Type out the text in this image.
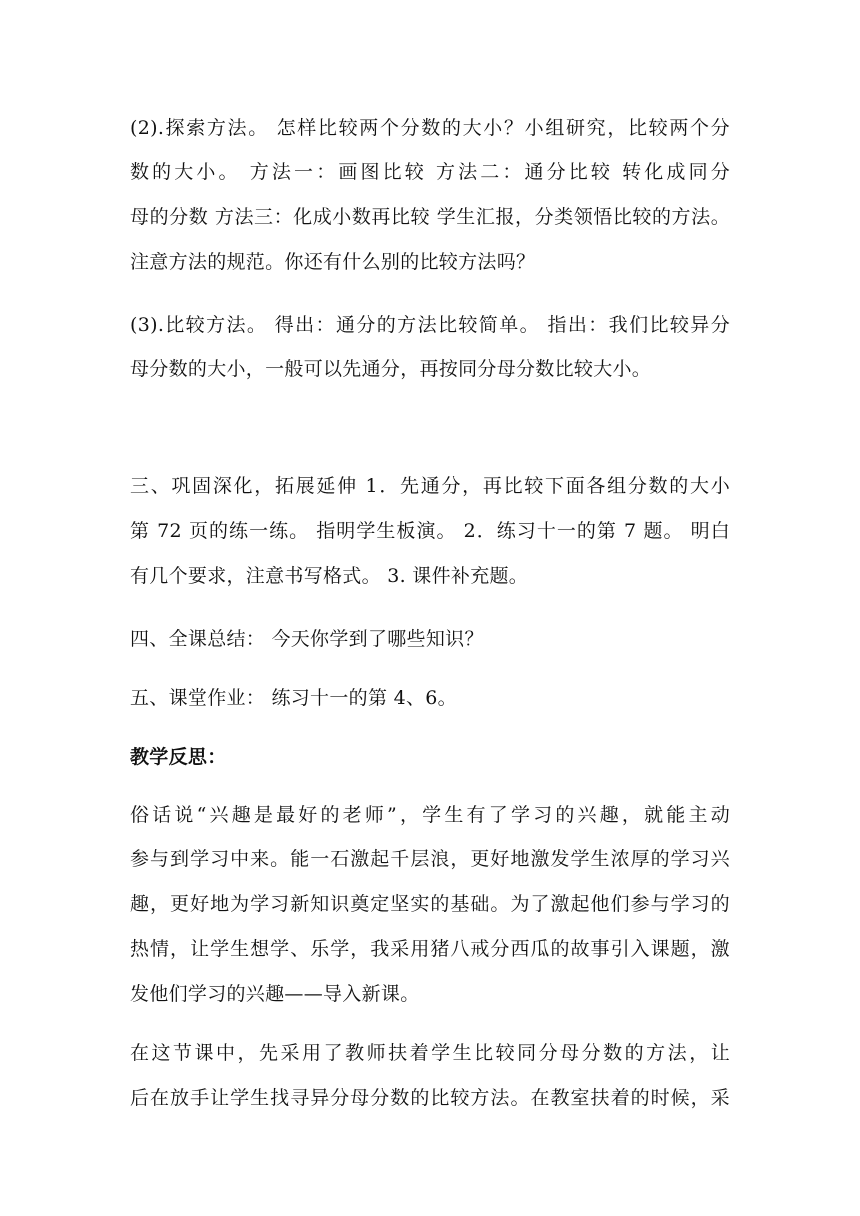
(2).探索方法。 怎样比较两个分数的大小？小组研究，比较两个分
数的大小。 方法一：画图比较 方法二：通分比较 转化成同分
母的分数 方法三：化成小数再比较 学生汇报，分类领悟比较的方法。
注意方法的规范。你还有什么别的比较方法吗？
(3).比较方法。 得出：通分的方法比较简单。 指出：我们比较异分
母分数的大小，一般可以先通分，再按同分母分数比较大小。
三、巩固深化，拓展延伸 1．先通分，再比较下面各组分数的大小
第 72 页的练一练。 指明学生板演。 2．练习十一的第 7 题。 明白
有几个要求，注意书写格式。 3. 课件补充题。
四、全课总结： 今天你学到了哪些知识？
五、课堂作业： 练习十一的第 4、6。
教学反思：
俗话说“兴趣是最好的老师”，学生有了学习的兴趣，就能主动
参与到学习中来。能一石激起千层浪，更好地激发学生浓厚的学习兴
趣，更好地为学习新知识奠定坚实的基础。为了激起他们参与学习的
热情，让学生想学、乐学，我采用猪八戒分西瓜的故事引入课题，激
发他们学习的兴趣——导入新课。
在这节课中，先采用了教师扶着学生比较同分母分数的方法，让
后在放手让学生找寻异分母分数的比较方法。在教室扶着的时候，采
